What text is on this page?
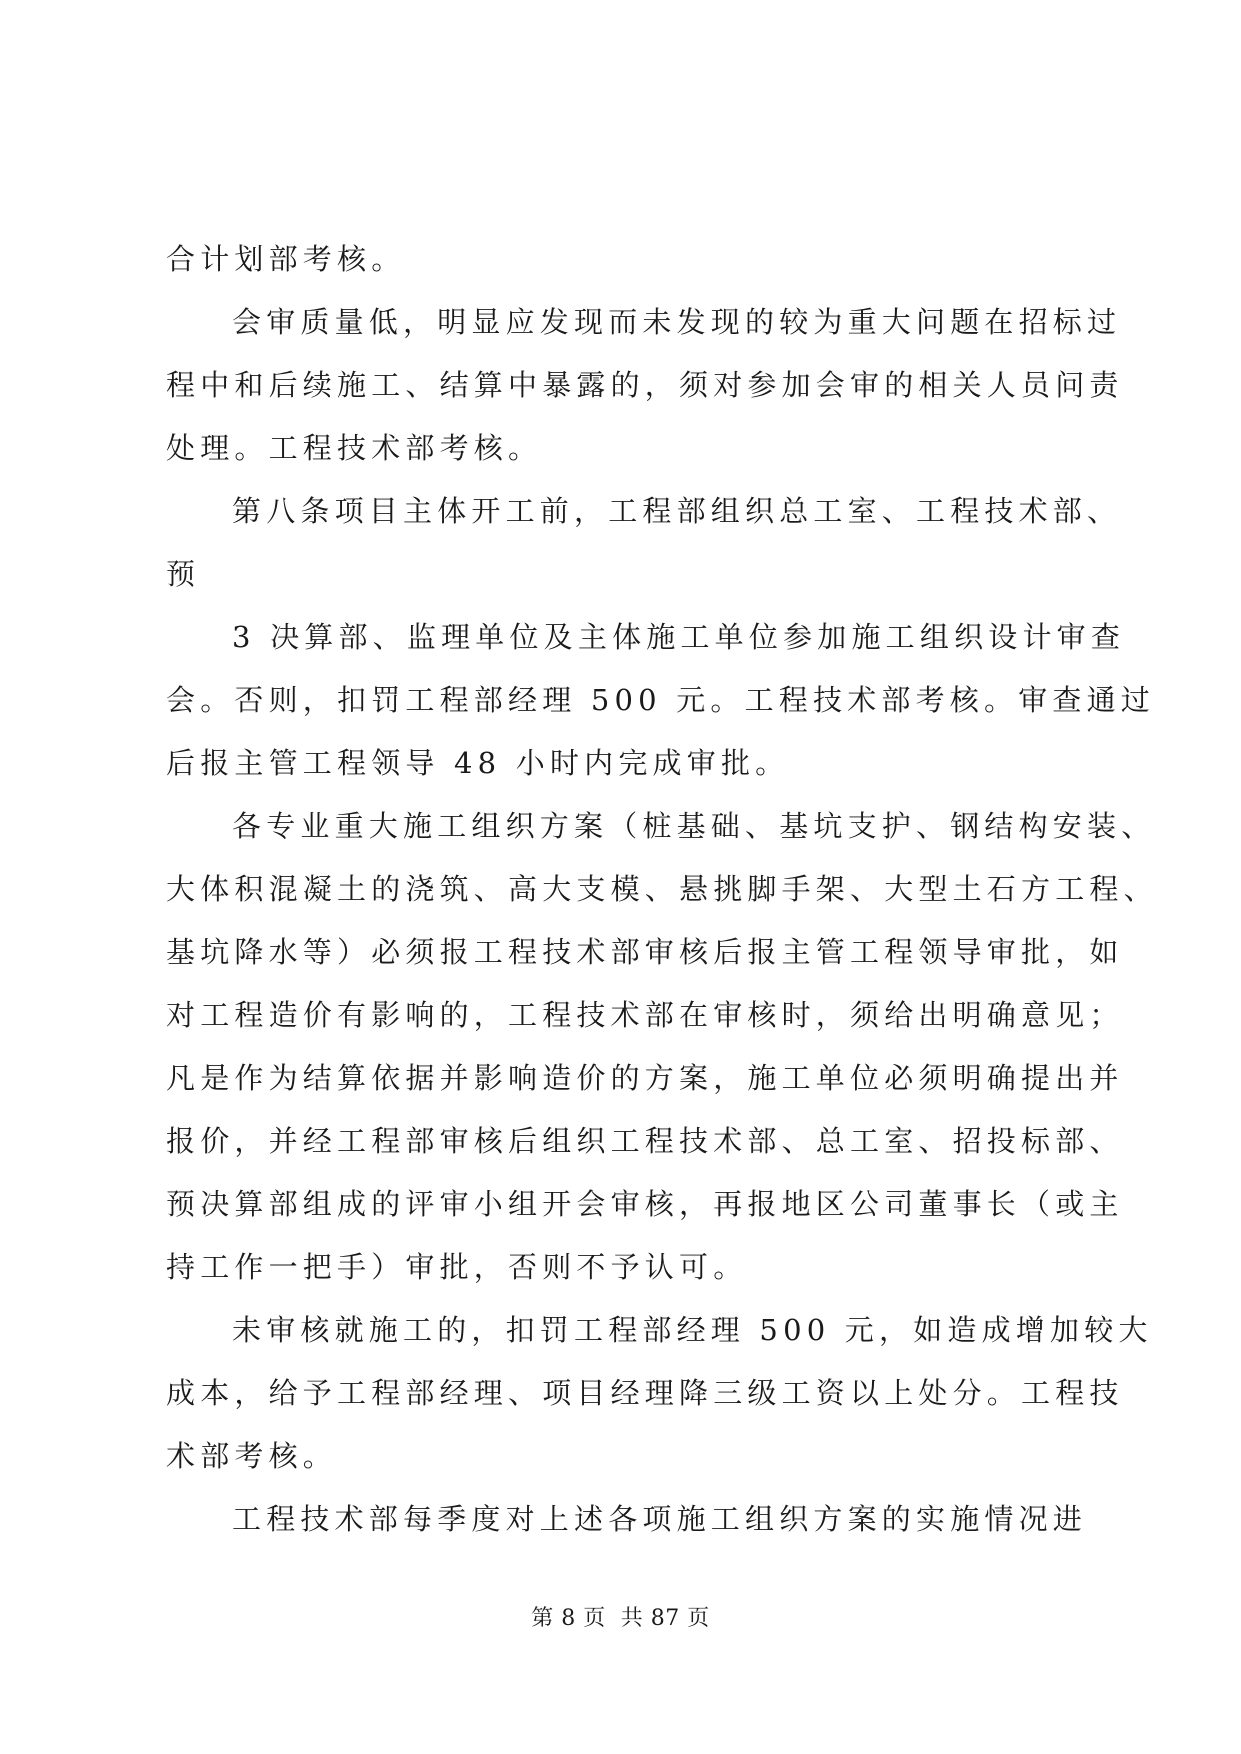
合计划部考核。
会审质量低，明显应发现而未发现的较为重大问题在招标过
程中和后续施工、结算中暴露的，须对参加会审的相关人员问责
处理。工程技术部考核。
第八条项目主体开工前，工程部组织总工室、工程技术部、
预
3 决算部、监理单位及主体施工单位参加施工组织设计审查
会。否则，扣罚工程部经理 500 元。工程技术部考核。审查通过
后报主管工程领导 48 小时内完成审批。
各专业重大施工组织方案（桩基础、基坑支护、钢结构安装、
大体积混凝土的浇筑、高大支模、悬挑脚手架、大型土石方工程、
基坑降水等）必须报工程技术部审核后报主管工程领导审批，如
对工程造价有影响的，工程技术部在审核时，须给出明确意见；
凡是作为结算依据并影响造价的方案，施工单位必须明确提出并
报价，并经工程部审核后组织工程技术部、总工室、招投标部、
预决算部组成的评审小组开会审核，再报地区公司董事长（或主
持工作一把手）审批，否则不予认可。
未审核就施工的，扣罚工程部经理 500 元，如造成增加较大
成本，给予工程部经理、项目经理降三级工资以上处分。工程技
术部考核。
工程技术部每季度对上述各项施工组织方案的实施情况进
第 8 页  共 87 页
